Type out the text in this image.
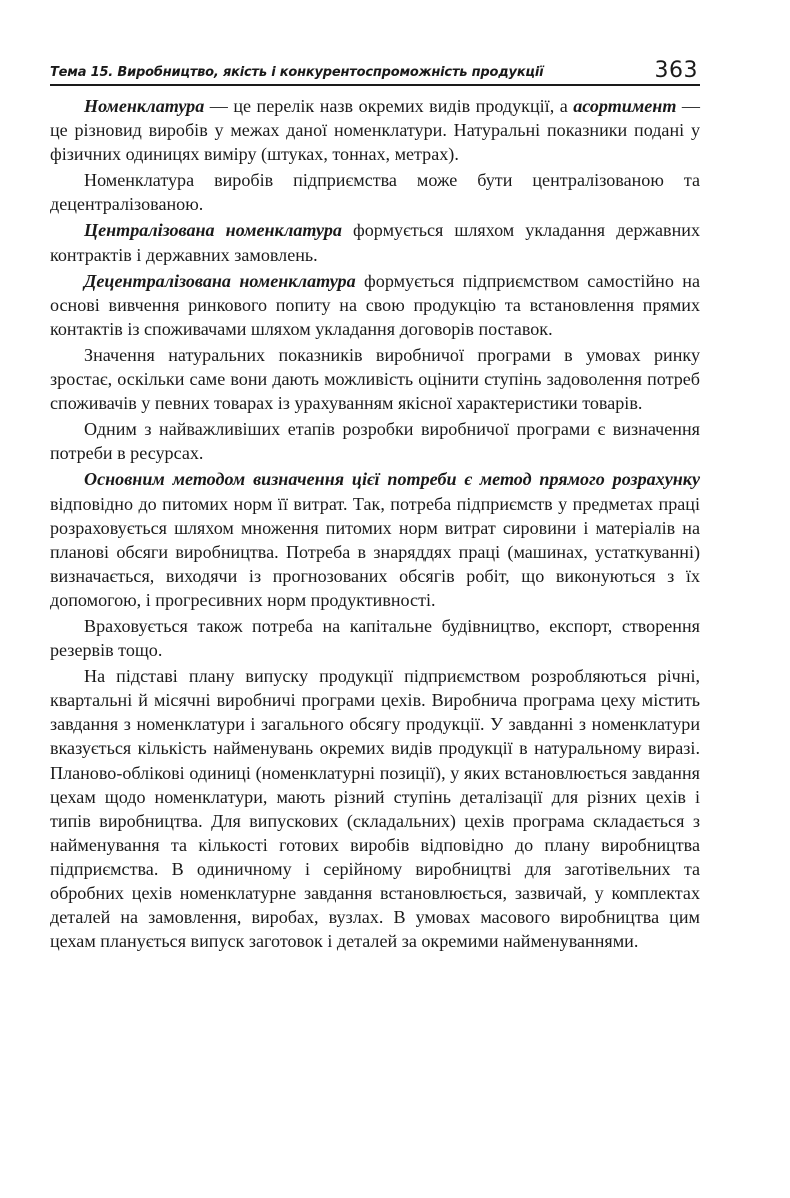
Тема 15. Виробництво, якість і конкурентоспроможність продукції	363

Номенклатура — це перелік назв окремих видів продукції, а асортимент — це різновид виробів у межах даної номенклатури. Натуральні показники подані у фізичних одиницях виміру (штуках, тоннах, метрах).

Номенклатура виробів підприємства може бути централізованою та децентралізованою.

Централізована номенклатура формується шляхом укладання державних контрактів і державних замовлень.

Децентралізована номенклатура формується підприємством самостійно на основі вивчення ринкового попиту на свою продукцію та встановлення прямих контактів із споживачами шляхом укладання договорів поставок.

Значення натуральних показників виробничої програми в умовах ринку зростає, оскільки саме вони дають можливість оцінити ступінь задоволення потреб споживачів у певних товарах із урахуванням якісної характеристики товарів.

Одним з найважливіших етапів розробки виробничої програми є визначення потреби в ресурсах.

Основним методом визначення цієї потреби є метод прямого розрахунку відповідно до питомих норм її витрат. Так, потреба підприємств у предметах праці розраховується шляхом множення питомих норм витрат сировини і матеріалів на планові обсяги виробництва. Потреба в знаряддях праці (машинах, устаткуванні) визначається, виходячи із прогнозованих обсягів робіт, що виконуються з їх допомогою, і прогресивних норм продуктивності.

Враховується також потреба на капітальне будівництво, експорт, створення резервів тощо.

На підставі плану випуску продукції підприємством розробляються річні, квартальні й місячні виробничі програми цехів. Виробнича програма цеху містить завдання з номенклатури і загального обсягу продукції. У завданні з номенклатури вказується кількість найменувань окремих видів продукції в натуральному виразі. Планово-облікові одиниці (номенклатурні позиції), у яких встановлюється завдання цехам щодо номенклатури, мають різний ступінь деталізації для різних цехів і типів виробництва. Для випускових (складальних) цехів програма складається з найменування та кількості готових виробів відповідно до плану виробництва підприємства. В одиничному і серійному виробництві для заготівельних та обробних цехів номенклатурне завдання встановлюється, зазвичай, у комплектах деталей на замовлення, виробах, вузлах. В умовах масового виробництва цим цехам планується випуск заготовок і деталей за окремими найменуваннями.
